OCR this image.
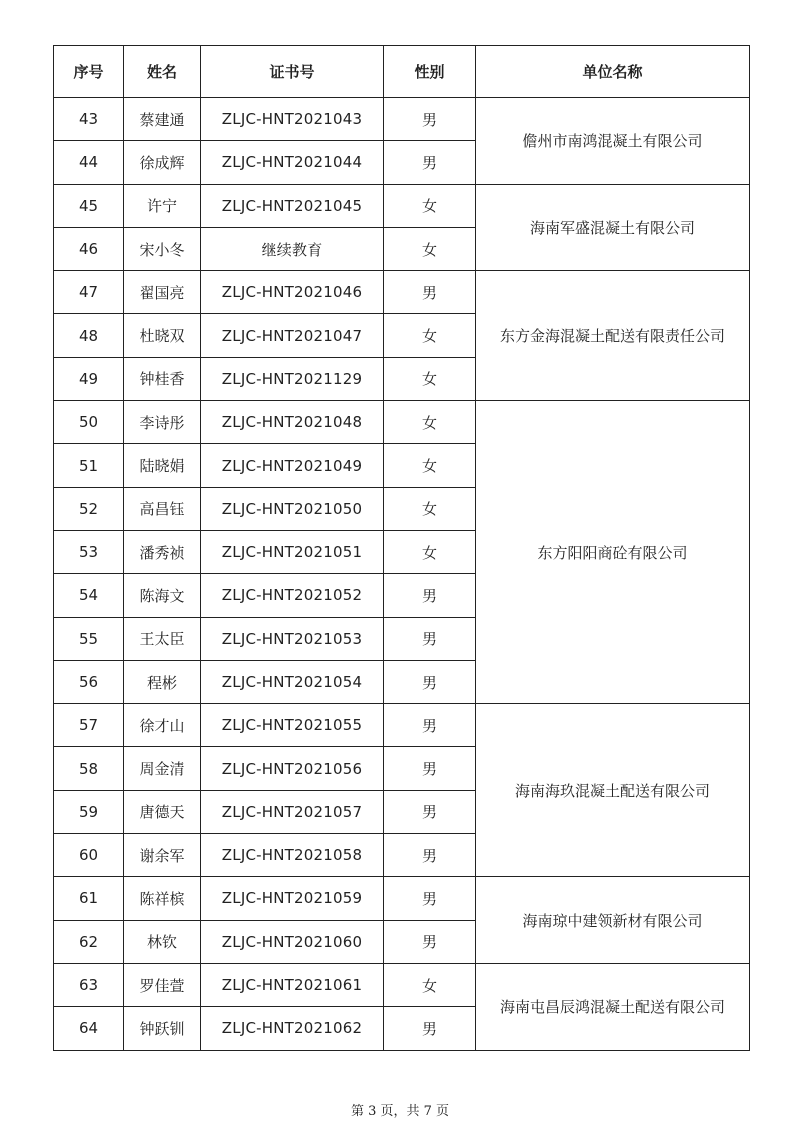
序号	姓名	证书号	性别	单位名称
43	蔡建通	ZLJC-HNT2021043	男	儋州市南鸿混凝土有限公司
44	徐成辉	ZLJC-HNT2021044	男	
45	许宁	ZLJC-HNT2021045	女	海南军盛混凝土有限公司
46	宋小冬	继续教育	女	
47	翟国亮	ZLJC-HNT2021046	男	东方金海混凝土配送有限责任公司
48	杜晓双	ZLJC-HNT2021047	女	
49	钟桂香	ZLJC-HNT2021129	女	
50	李诗彤	ZLJC-HNT2021048	女	东方阳阳商砼有限公司
51	陆晓娟	ZLJC-HNT2021049	女	
52	高昌钰	ZLJC-HNT2021050	女	
53	潘秀祯	ZLJC-HNT2021051	女	
54	陈海文	ZLJC-HNT2021052	男	
55	王太臣	ZLJC-HNT2021053	男	
56	程彬	ZLJC-HNT2021054	男	
57	徐才山	ZLJC-HNT2021055	男	海南海玖混凝土配送有限公司
58	周金清	ZLJC-HNT2021056	男	
59	唐德天	ZLJC-HNT2021057	男	
60	谢余军	ZLJC-HNT2021058	男	
61	陈祥槟	ZLJC-HNT2021059	男	海南琼中建领新材有限公司
62	林钦	ZLJC-HNT2021060	男	
63	罗佳萱	ZLJC-HNT2021061	女	海南屯昌辰鸿混凝土配送有限公司
64	钟跃钏	ZLJC-HNT2021062	男	
第 3 页，共 7 页
